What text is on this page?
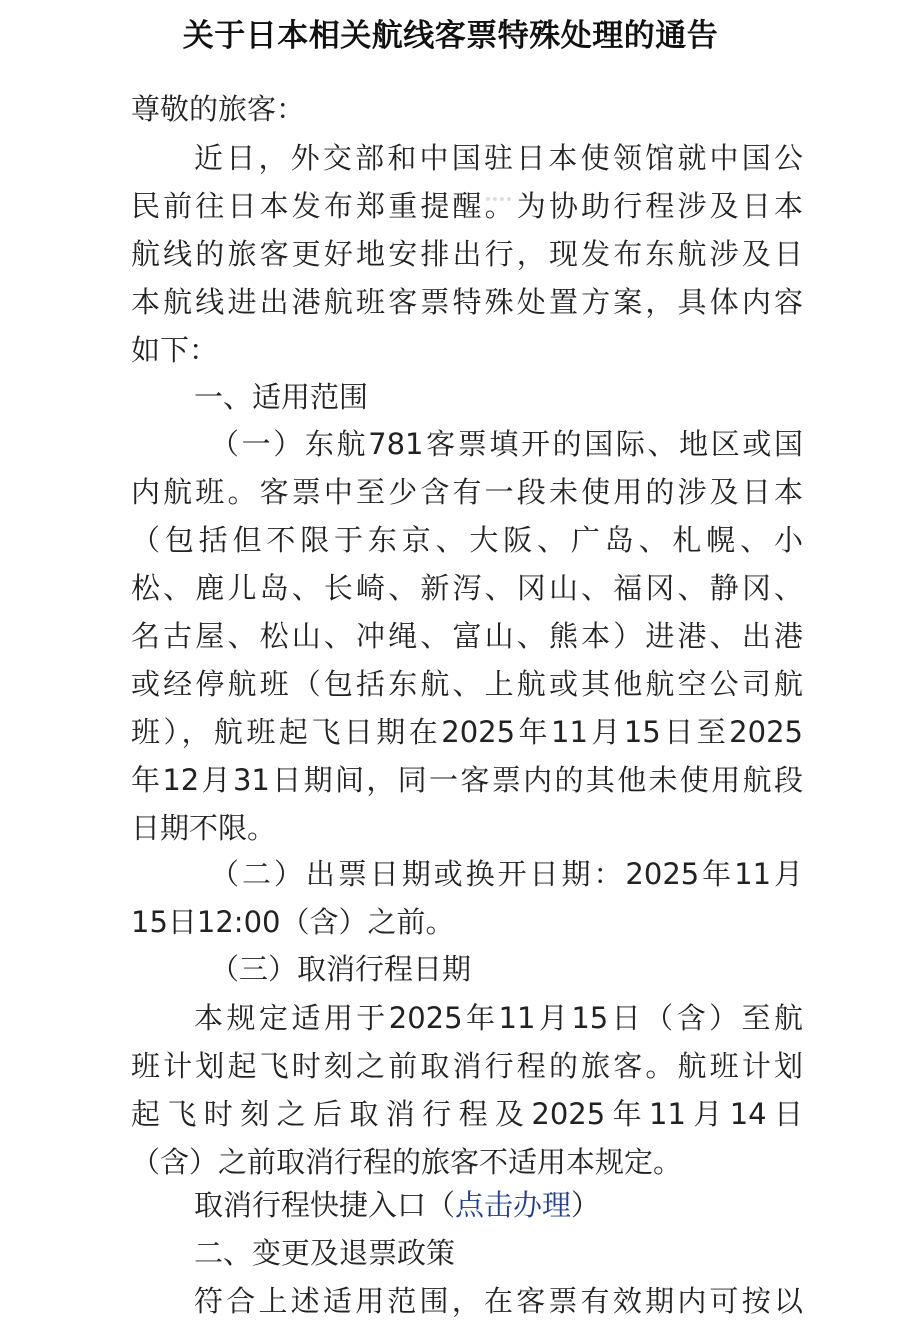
关于日本相关航线客票特殊处理的通告
尊敬的旅客：
近日，外交部和中国驻日本使领馆就中国公
民前往日本发布郑重提醒。为协助行程涉及日本
航线的旅客更好地安排出行，现发布东航涉及日
本航线进出港航班客票特殊处置方案，具体内容
如下：
一、适用范围
（一）东航781客票填开的国际、地区或国
内航班。客票中至少含有一段未使用的涉及日本
（包括但不限于东京、大阪、广岛、札幌、小
松、鹿儿岛、长崎、新泻、冈山、福冈、静冈、
名古屋、松山、冲绳、富山、熊本）进港、出港
或经停航班（包括东航、上航或其他航空公司航
班），航班起飞日期在2025年11月15日至2025
年12月31日期间，同一客票内的其他未使用航段
日期不限。
（二）出票日期或换开日期：2025年11月
15日12:00（含）之前。
（三）取消行程日期
本规定适用于2025年11月15日（含）至航
班计划起飞时刻之前取消行程的旅客。航班计划
起飞时刻之后取消行程及2025年11月14日
（含）之前取消行程的旅客不适用本规定。
取消行程快捷入口（点击办理）
二、变更及退票政策
符合上述适用范围，在客票有效期内可按以
